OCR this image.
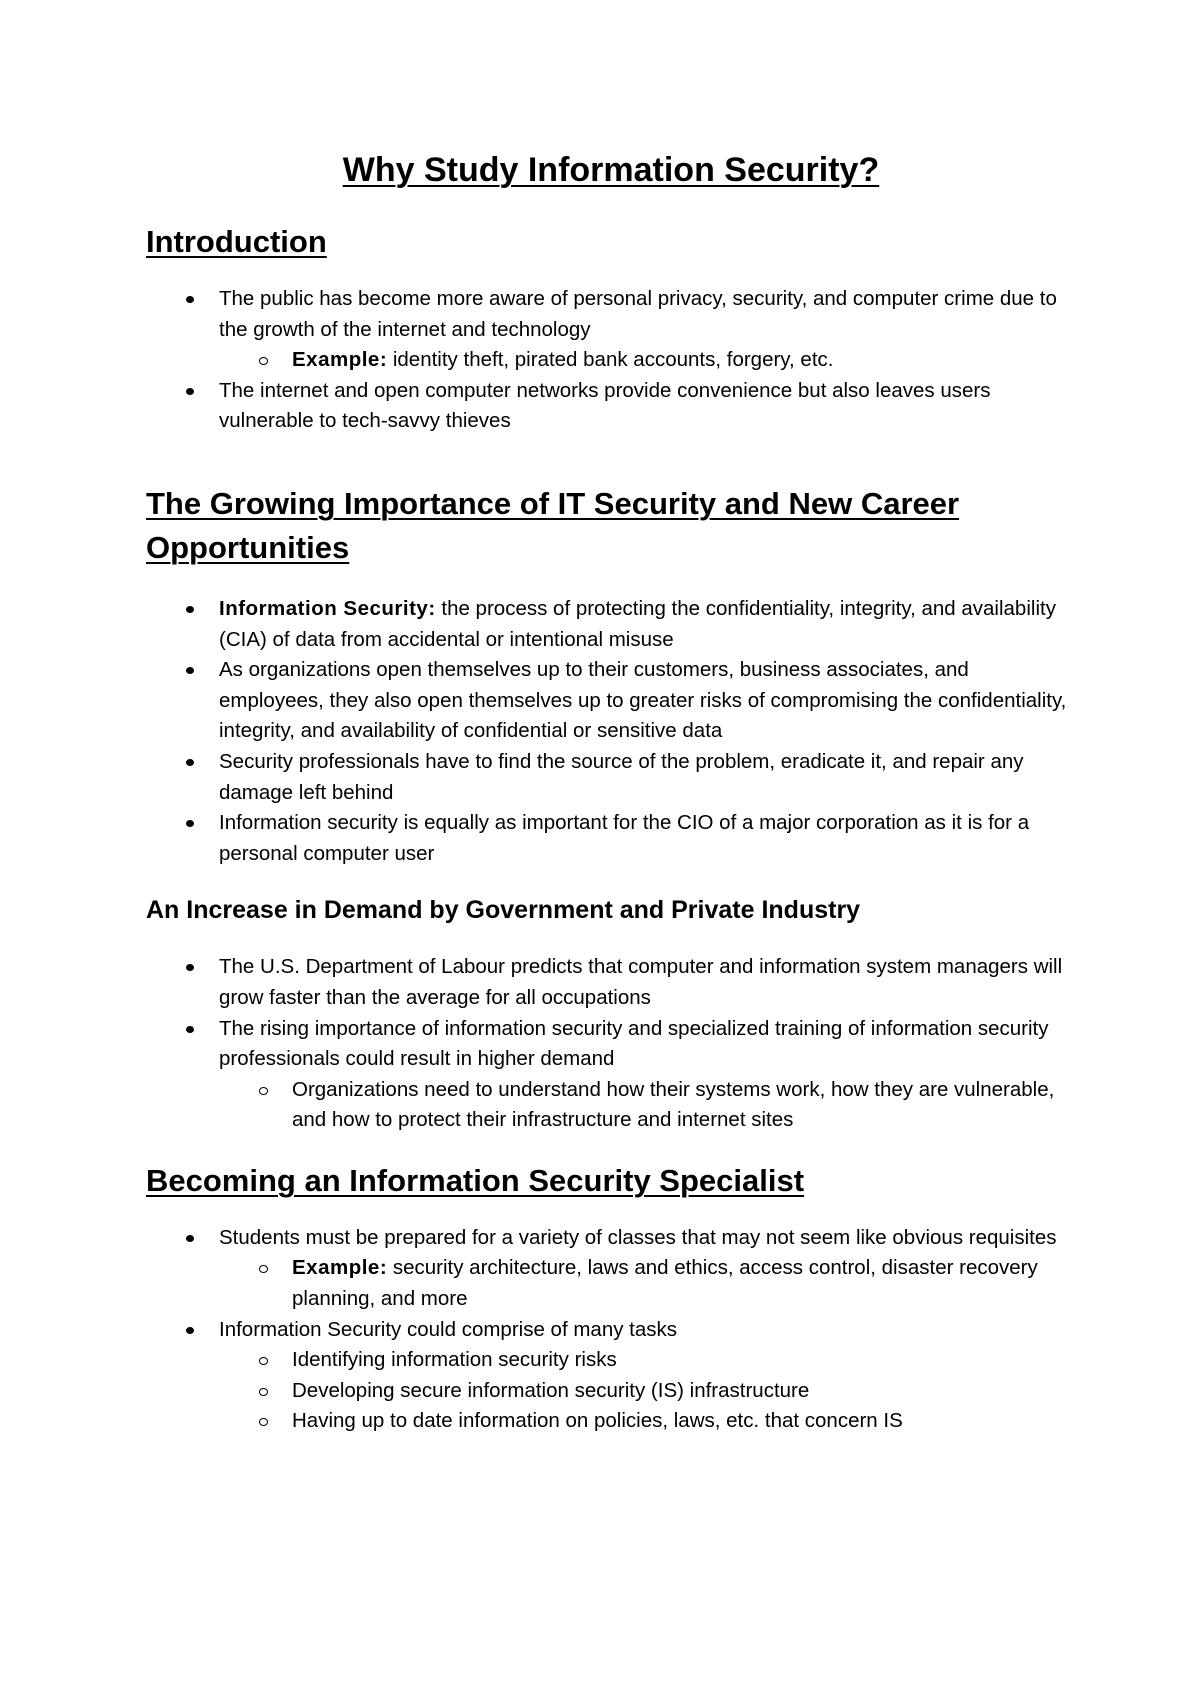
Why Study Information Security?
Introduction
The public has become more aware of personal privacy, security, and computer crime due to the growth of the internet and technology
Example: identity theft, pirated bank accounts, forgery, etc.
The internet and open computer networks provide convenience but also leaves users vulnerable to tech-savvy thieves
The Growing Importance of IT Security and New Career Opportunities
Information Security: the process of protecting the confidentiality, integrity, and availability (CIA) of data from accidental or intentional misuse
As organizations open themselves up to their customers, business associates, and employees, they also open themselves up to greater risks of compromising the confidentiality, integrity, and availability of confidential or sensitive data
Security professionals have to find the source of the problem, eradicate it, and repair any damage left behind
Information security is equally as important for the CIO of a major corporation as it is for a personal computer user
An Increase in Demand by Government and Private Industry
The U.S. Department of Labour predicts that computer and information system managers will grow faster than the average for all occupations
The rising importance of information security and specialized training of information security professionals could result in higher demand
Organizations need to understand how their systems work, how they are vulnerable, and how to protect their infrastructure and internet sites
Becoming an Information Security Specialist
Students must be prepared for a variety of classes that may not seem like obvious requisites
Example: security architecture, laws and ethics, access control, disaster recovery planning, and more
Information Security could comprise of many tasks
Identifying information security risks
Developing secure information security (IS) infrastructure
Having up to date information on policies, laws, etc. that concern IS
